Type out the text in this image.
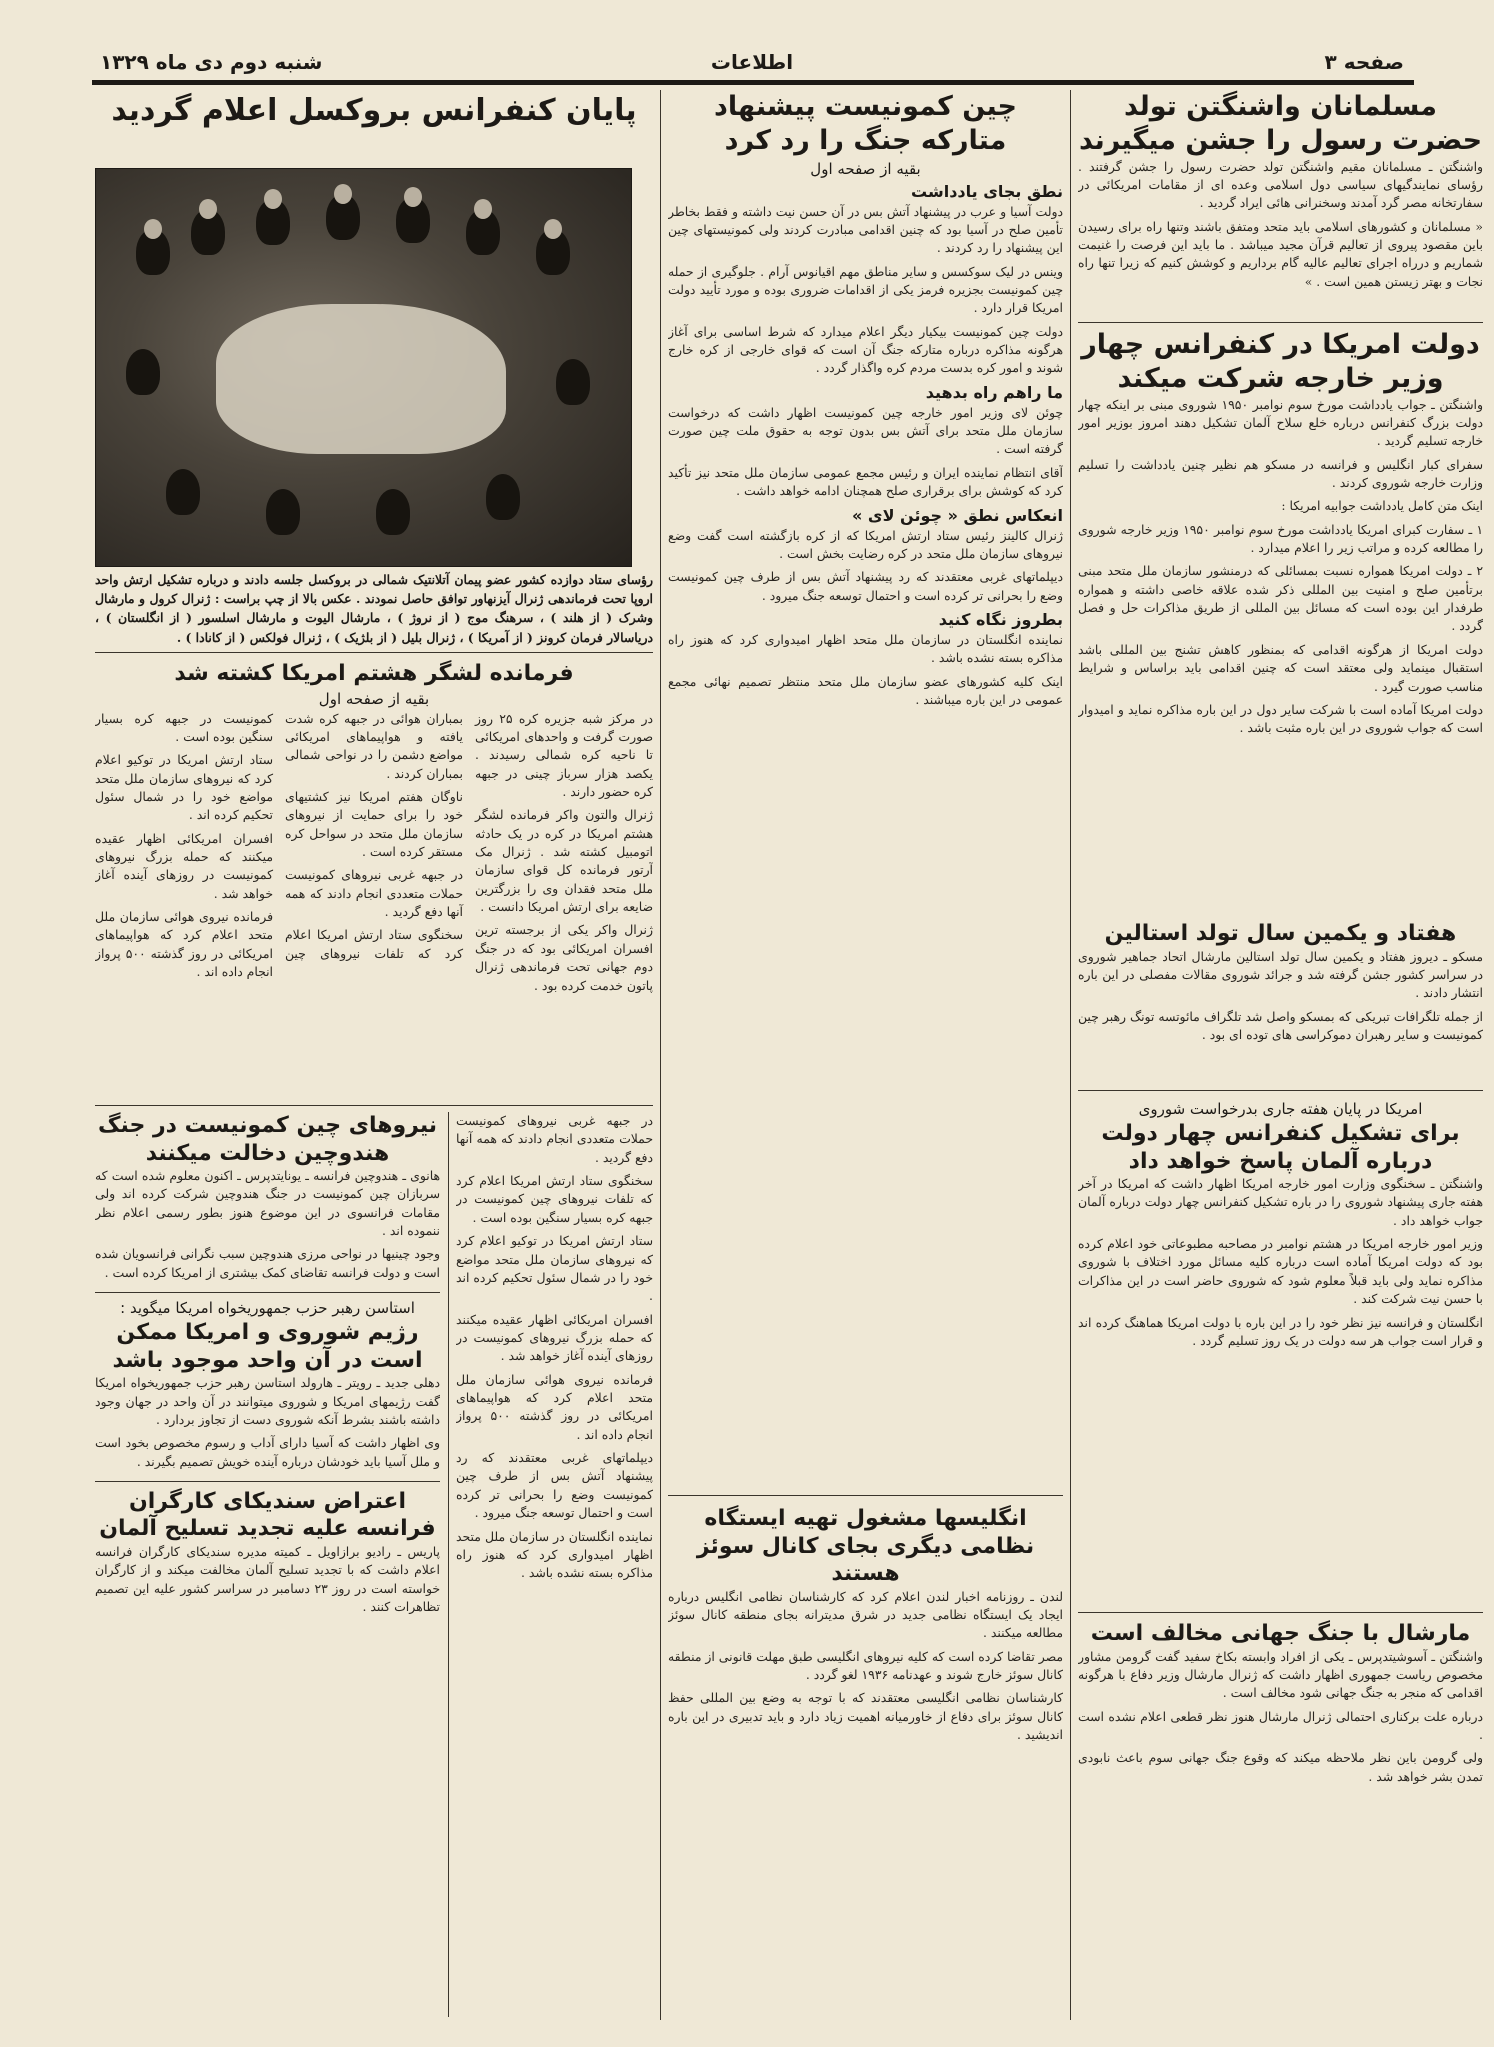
صفحه ۳
اطلاعات
شنبه دوم دی ماه ۱۳۲۹
مسلمانان واشنگتن تولد حضرت رسول را جشن میگیرند

واشنگتن ـ مسلمانان مقیم واشنگتن تولد حضرت رسول را جشن گرفتند . رؤسای نمایندگیهای سیاسی دول اسلامی وعده ای از مقامات امریکائی در سفارتخانه مصر گرد آمدند وسخنرانی هائی ایراد گردید .

« مسلمانان و کشورهای اسلامی باید متحد ومتفق باشند وتنها راه برای رسیدن باین مقصود پیروی از تعالیم قرآن مجید میباشد . ما باید این فرصت را غنیمت شماریم و درراه اجرای تعالیم عالیه گام برداریم و کوشش کنیم که زیرا تنها راه نجات و بهتر زیستن همین است . »

دولت امریکا در کنفرانس چهار وزیر خارجه شرکت میکند

واشنگتن ـ جواب یادداشت مورخ سوم نوامبر ۱۹۵۰ شوروی مبنی بر اینکه چهار دولت بزرگ کنفرانس درباره خلع سلاح آلمان تشکیل دهند امروز بوزیر امور خارجه تسلیم گردید .

سفرای کبار انگلیس و فرانسه در مسکو هم نظیر چنین یادداشت را تسلیم وزارت خارجه شوروی کردند .

اینک متن کامل یادداشت جوابیه امریکا :

۱ ـ سفارت کبرای امریکا یادداشت مورخ سوم نوامبر ۱۹۵۰ وزیر خارجه شوروی را مطالعه کرده و مراتب زیر را اعلام میدارد .

۲ ـ دولت امریکا همواره نسبت بمسائلی که درمنشور سازمان ملل متحد مبنی برتأمین صلح و امنیت بین المللی ذکر شده علاقه خاصی داشته و همواره طرفدار این بوده است که مسائل بین المللی از طریق مذاکرات حل و فصل گردد .

دولت امریکا از هرگونه اقدامی که بمنظور کاهش تشنج بین المللی باشد استقبال مینماید ولی معتقد است که چنین اقدامی باید براساس و شرایط مناسب صورت گیرد .

دولت امریکا آماده است با شرکت سایر دول در این باره مذاکره نماید و امیدوار است که جواب شوروی در این باره مثبت باشد .

هفتاد و یکمین سال تولد استالین

مسکو ـ دیروز هفتاد و یکمین سال تولد استالین مارشال اتحاد جماهیر شوروی در سراسر کشور جشن گرفته شد و جرائد شوروی مقالات مفصلی در این باره انتشار دادند .

از جمله تلگرافات تبریکی که بمسکو واصل شد تلگراف مائوتسه تونگ رهبر چین کمونیست و سایر رهبران دموکراسی های توده ای بود .

امریکا در پایان هفته جاری بدرخواست شوروی

برای تشکیل کنفرانس چهار دولت درباره آلمان پاسخ خواهد داد

واشنگتن ـ سخنگوی وزارت امور خارجه امریکا اظهار داشت که امریکا در آخر هفته جاری پیشنهاد شوروی را در باره تشکیل کنفرانس چهار دولت درباره آلمان جواب خواهد داد .

وزیر امور خارجه امریکا در هشتم نوامبر در مصاحبه مطبوعاتی خود اعلام کرده بود که دولت امریکا آماده است درباره کلیه مسائل مورد اختلاف با شوروی مذاکره نماید ولی باید قبلاً معلوم شود که شوروی حاضر است در این مذاکرات با حسن نیت شرکت کند .

انگلستان و فرانسه نیز نظر خود را در این باره با دولت امریکا هماهنگ کرده اند و قرار است جواب هر سه دولت در یک روز تسلیم گردد .

مارشال با جنگ جهانی مخالف است

واشنگتن ـ آسوشیتدپرس ـ یکی از افراد وابسته بکاخ سفید گفت گرومن مشاور مخصوص ریاست جمهوری اظهار داشت که ژنرال مارشال وزیر دفاع با هرگونه اقدامی که منجر به جنگ جهانی شود مخالف است .

درباره علت برکناری احتمالی ژنرال مارشال هنوز نظر قطعی اعلام نشده است .

ولی گرومن باین نظر ملاحظه میکند که وقوع جنگ جهانی سوم باعث نابودی تمدن بشر خواهد شد .

چین کمونیست پیشنهاد متارکه جنگ را رد کرد

بقیه از صفحه اول

نطق بجای یادداشت

دولت آسیا و عرب در پیشنهاد آتش بس در آن حسن نیت داشته و فقط بخاطر تأمین صلح در آسیا بود که چنین اقدامی مبادرت کردند ولی کمونیستهای چین این پیشنهاد را رد کردند .

وینس در لیک سوکسس و سایر مناطق مهم اقیانوس آرام . جلوگیری از حمله چین کمونیست بجزیره فرمز یکی از اقدامات ضروری بوده و مورد تأیید دولت امریکا قرار دارد .

دولت چین کمونیست بیکیار دیگر اعلام میدارد که شرط اساسی برای آغاز هرگونه مذاکره درباره متارکه جنگ آن است که قوای خارجی از کره خارج شوند و امور کره بدست مردم کره واگذار گردد .

ما راهم راه بدهید

چوئن لای وزیر امور خارجه چین کمونیست اظهار داشت که درخواست سازمان ملل متحد برای آتش بس بدون توجه به حقوق ملت چین صورت گرفته است .

آقای انتظام نماینده ایران و رئیس مجمع عمومی سازمان ملل متحد نیز تأکید کرد که کوشش برای برقراری صلح همچنان ادامه خواهد داشت .

انعکاس نطق « چوئن لای »

ژنرال کالینز رئیس ستاد ارتش امریکا که از کره بازگشته است گفت وضع نیروهای سازمان ملل متحد در کره رضایت بخش است .

دیپلماتهای غربی معتقدند که رد پیشنهاد آتش بس از طرف چین کمونیست وضع را بحرانی تر کرده است و احتمال توسعه جنگ میرود .

بطروز نگاه کنید

نماینده انگلستان در سازمان ملل متحد اظهار امیدواری کرد که هنوز راه مذاکره بسته نشده باشد .

اینک کلیه کشورهای عضو سازمان ملل متحد منتظر تصمیم نهائی مجمع عمومی در این باره میباشند .

انگلیسها مشغول تهیه ایستگاه نظامی دیگری بجای کانال سوئز هستند

لندن ـ روزنامه اخبار لندن اعلام کرد که کارشناسان نظامی انگلیس درباره ایجاد یک ایستگاه نظامی جدید در شرق مدیترانه بجای منطقه کانال سوئز مطالعه میکنند .

مصر تقاضا کرده است که کلیه نیروهای انگلیسی طبق مهلت قانونی از منطقه کانال سوئز خارج شوند و عهدنامه ۱۹۳۶ لغو گردد .

کارشناسان نظامی انگلیسی معتقدند که با توجه به وضع بین المللی حفظ کانال سوئز برای دفاع از خاورمیانه اهمیت زیاد دارد و باید تدبیری در این باره اندیشید .

پایان کنفرانس بروکسل اعلام گردید

رؤسای ستاد دوازده کشور عضو پیمان آتلانتیک شمالی در بروکسل جلسه دادند و درباره تشکیل ارتش واحد اروپا تحت فرماندهی ژنرال آیزنهاور توافق حاصل نمودند . عکس بالا از چپ براست : ژنرال کرول و مارشال وشرک ( از هلند ) ، سرهنگ موج ( از نروژ ) ، مارشال الیوت و مارشال اسلسور ( از انگلستان ) ، دریاسالار فرمان کرونز ( از آمریکا ) ، ژنرال بلیل ( از بلژیک ) ، ژنرال فولکس ( از کانادا ) .

فرمانده لشگر هشتم امریکا کشته شد

بقیه از صفحه اول

در مرکز شبه جزیره کره ۲۵ روز صورت گرفت و واحدهای امریکائی تا ناحیه کره شمالی رسیدند . یکصد هزار سرباز چینی در جبهه کره حضور دارند .

ژنرال والتون واکر فرمانده لشگر هشتم امریکا در کره در یک حادثه اتومبیل کشته شد . ژنرال مک آرتور فرمانده کل قوای سازمان ملل متحد فقدان وی را بزرگترین ضایعه برای ارتش امریکا دانست .

ژنرال واکر یکی از برجسته ترین افسران امریکائی بود که در جنگ دوم جهانی تحت فرماندهی ژنرال پاتون خدمت کرده بود .

بمباران هوائی در جبهه کره شدت یافته و هواپیماهای امریکائی مواضع دشمن را در نواحی شمالی بمباران کردند .

ناوگان هفتم امریکا نیز کشتیهای خود را برای حمایت از نیروهای سازمان ملل متحد در سواحل کره مستقر کرده است .

در جبهه غربی نیروهای کمونیست حملات متعددی انجام دادند که همه آنها دفع گردید .

سخنگوی ستاد ارتش امریکا اعلام کرد که تلفات نیروهای چین کمونیست در جبهه کره بسیار سنگین بوده است .

ستاد ارتش امریکا در توکیو اعلام کرد که نیروهای سازمان ملل متحد مواضع خود را در شمال سئول تحکیم کرده اند .

افسران امریکائی اظهار عقیده میکنند که حمله بزرگ نیروهای کمونیست در روزهای آینده آغاز خواهد شد .

فرمانده نیروی هوائی سازمان ملل متحد اعلام کرد که هواپیماهای امریکائی در روز گذشته ۵۰۰ پرواز انجام داده اند .

نیروهای چین کمونیست در جنگ هندوچین دخالت میکنند

هانوی ـ هندوچین فرانسه ـ یونایتدپرس ـ اکنون معلوم شده است که سربازان چین کمونیست در جنگ هندوچین شرکت کرده اند ولی مقامات فرانسوی در این موضوع هنوز بطور رسمی اعلام نظر ننموده اند .

وجود چینیها در نواحی مرزی هندوچین سبب نگرانی فرانسویان شده است و دولت فرانسه تقاضای کمک بیشتری از امریکا کرده است .

استاسن رهبر حزب جمهوریخواه امریکا میگوید :

رژیم شوروی و امریکا ممکن است در آن واحد موجود باشد

دهلی جدید ـ رویتر ـ هارولد استاسن رهبر حزب جمهوریخواه امریکا گفت رژیمهای امریکا و شوروی میتوانند در آن واحد در جهان وجود داشته باشند بشرط آنکه شوروی دست از تجاوز بردارد .

وی اظهار داشت که آسیا دارای آداب و رسوم مخصوص بخود است و ملل آسیا باید خودشان درباره آینده خویش تصمیم بگیرند .

اعتراض سندیکای کارگران فرانسه علیه تجدید تسلیح آلمان

پاریس ـ رادیو برازاویل ـ کمیته مدیره سندیکای کارگران فرانسه اعلام داشت که با تجدید تسلیح آلمان مخالفت میکند و از کارگران خواسته است در روز ۲۳ دسامبر در سراسر کشور علیه این تصمیم تظاهرات کنند .

در جبهه غربی نیروهای کمونیست حملات متعددی انجام دادند که همه آنها دفع گردید .

سخنگوی ستاد ارتش امریکا اعلام کرد که تلفات نیروهای چین کمونیست در جبهه کره بسیار سنگین بوده است .

ستاد ارتش امریکا در توکیو اعلام کرد که نیروهای سازمان ملل متحد مواضع خود را در شمال سئول تحکیم کرده اند .

افسران امریکائی اظهار عقیده میکنند که حمله بزرگ نیروهای کمونیست در روزهای آینده آغاز خواهد شد .

فرمانده نیروی هوائی سازمان ملل متحد اعلام کرد که هواپیماهای امریکائی در روز گذشته ۵۰۰ پرواز انجام داده اند .

دیپلماتهای غربی معتقدند که رد پیشنهاد آتش بس از طرف چین کمونیست وضع را بحرانی تر کرده است و احتمال توسعه جنگ میرود .

نماینده انگلستان در سازمان ملل متحد اظهار امیدواری کرد که هنوز راه مذاکره بسته نشده باشد .
